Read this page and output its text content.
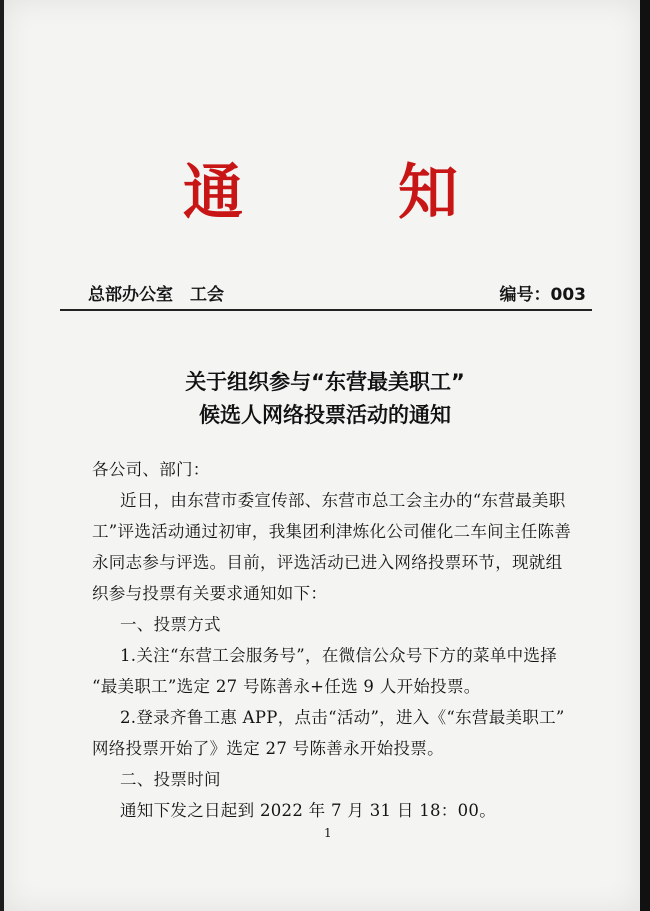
通	知
总部办公室　工会	编号：003
关于组织参与“东营最美职工”
候选人网络投票活动的通知
各公司、部门：
近日，由东营市委宣传部、东营市总工会主办的“东营最美职
工”评选活动通过初审，我集团利津炼化公司催化二车间主任陈善
永同志参与评选。目前，评选活动已进入网络投票环节，现就组
织参与投票有关要求通知如下：
一、投票方式
1.关注“东营工会服务号”，在微信公众号下方的菜单中选择
“最美职工”选定 27 号陈善永+任选 9 人开始投票。
2.登录齐鲁工惠 APP，点击“活动”，进入《“东营最美职工”
网络投票开始了》选定 27 号陈善永开始投票。
二、投票时间
通知下发之日起到 2022 年 7 月 31 日 18：00。
1
